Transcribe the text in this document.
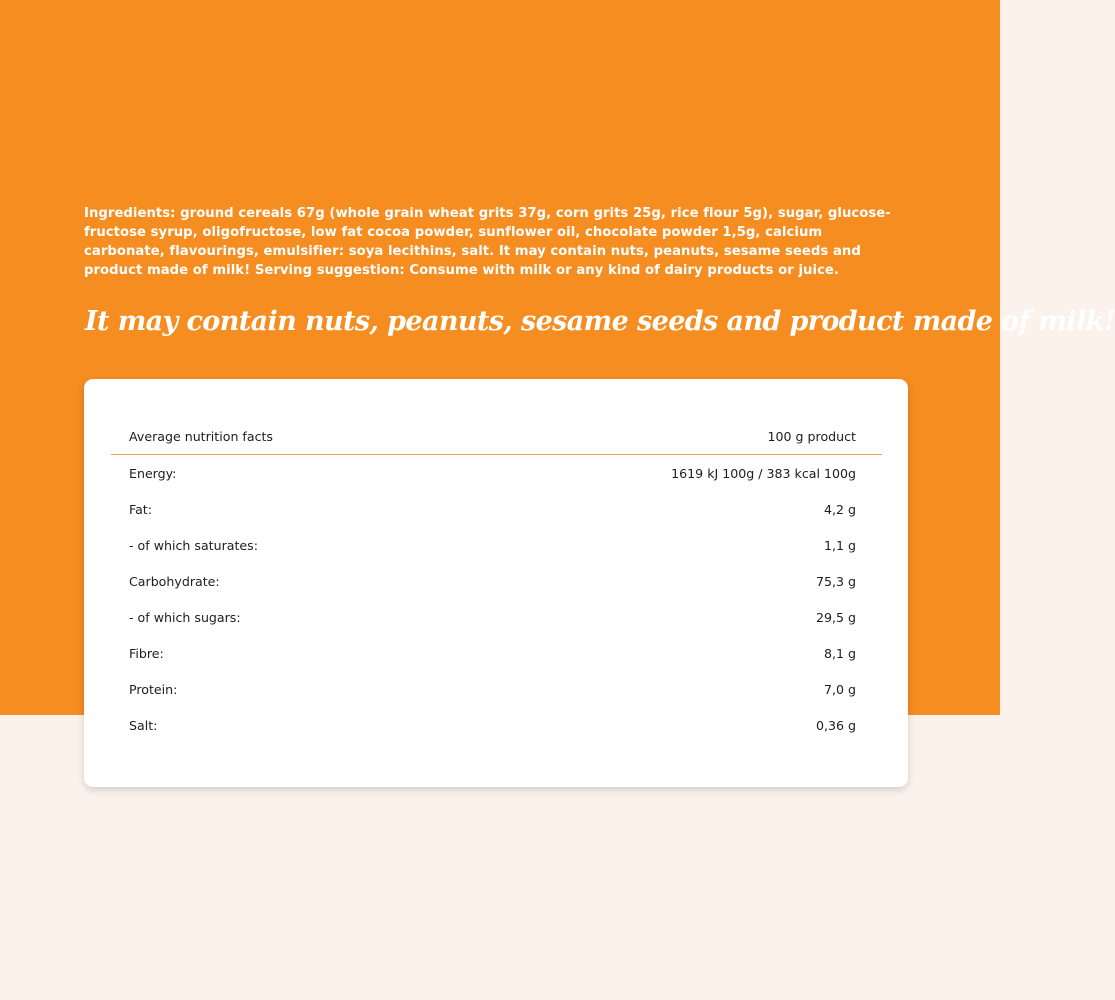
Ingredients: ground cereals 67g (whole grain wheat grits 37g, corn grits 25g, rice flour 5g), sugar, glucose-fructose syrup, oligofructose, low fat cocoa powder, sunflower oil, chocolate powder 1,5g, calcium carbonate, flavourings, emulsifier: soya lecithins, salt. It may contain nuts, peanuts, sesame seeds and product made of milk! Serving suggestion: Consume with milk or any kind of dairy products or juice.

It may contain nuts, peanuts, sesame seeds and product made of milk!
Average nutrition facts	100 g product
Energy:	1619 kJ 100g / 383 kcal 100g
Fat:	4,2 g
- of which saturates:	1,1 g
Carbohydrate:	75,3 g
- of which sugars:	29,5 g
Fibre:	8,1 g
Protein:	7,0 g
Salt:	0,36 g
